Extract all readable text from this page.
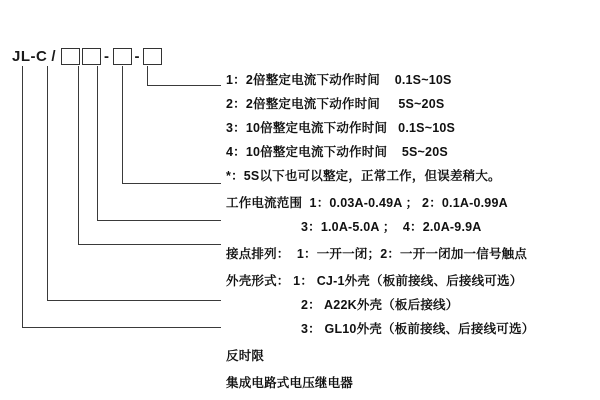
JL-C /	- -
1：2倍整定电流下动作时间    0.1S~10S
2：2倍整定电流下动作时间     5S~20S
3：10倍整定电流下动作时间   0.1S~10S
4：10倍整定电流下动作时间    5S~20S
*：5S以下也可以整定，正常工作，但误差稍大。
工作电流范围  1：0.03A-0.49A ； 2：0.1A-0.99A
3：1.0A-5.0A ；  4：2.0A-9.9A
接点排列：  1：一开一闭；2：一开一闭加一信号触点
外壳形式： 1： CJ-1外壳（板前接线、后接线可选）
2： A22K外壳（板后接线）
3： GL10外壳（板前接线、后接线可选）
反时限
集成电路式电压继电器
